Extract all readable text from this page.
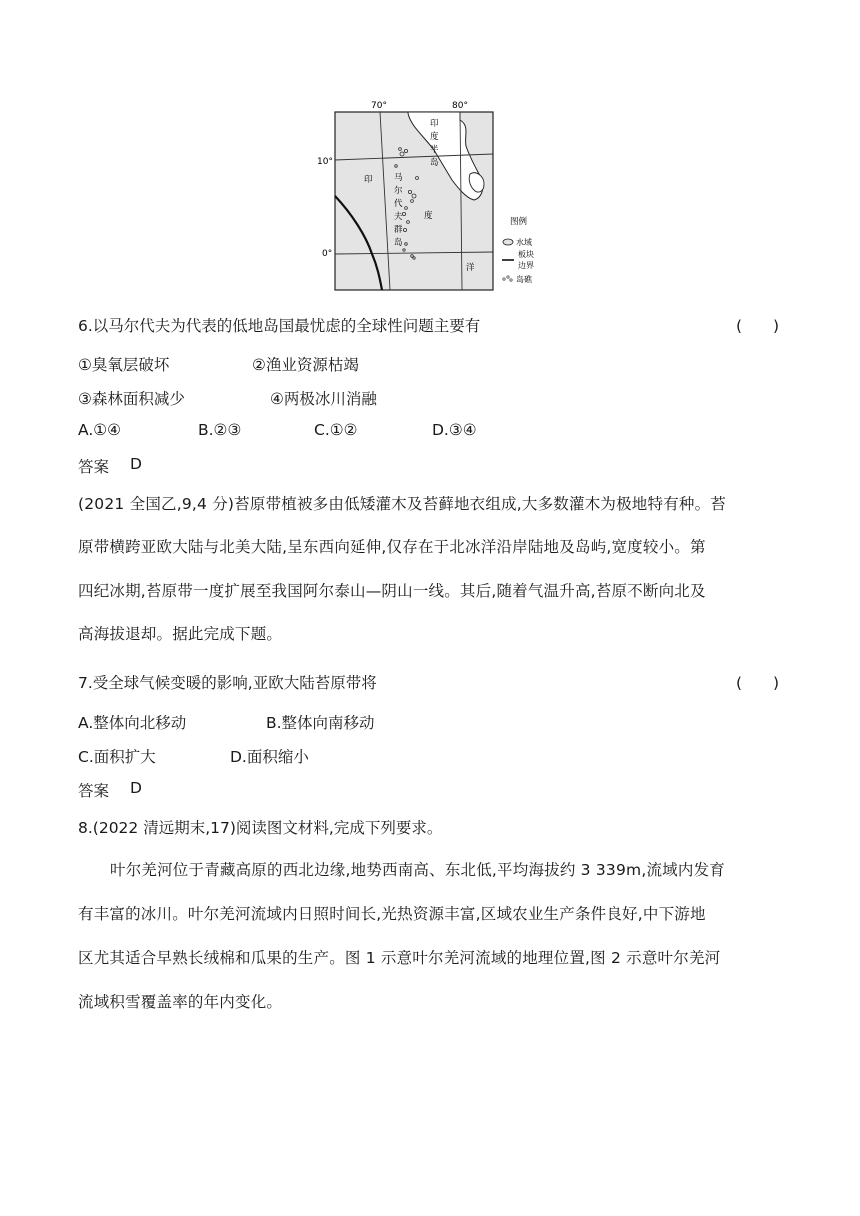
70°	80°
10°
0°
印
度
半
岛
马
尔
代
夫
群
岛
印
度
洋
图例
水域
板块
边界
岛礁
6.以马尔代夫为代表的低地岛国最忧虑的全球性问题主要有	(　　)
①臭氧层破坏	②渔业资源枯竭
③森林面积减少	④两极冰川消融
A.①④	B.②③	C.①②	D.③④
答案 D
(2021 全国乙,9,4 分)苔原带植被多由低矮灌木及苔藓地衣组成,大多数灌木为极地特有种。苔
原带横跨亚欧大陆与北美大陆,呈东西向延伸,仅存在于北冰洋沿岸陆地及岛屿,宽度较小。第
四纪冰期,苔原带一度扩展至我国阿尔泰山—阴山一线。其后,随着气温升高,苔原不断向北及
高海拔退却。据此完成下题。
7.受全球气候变暖的影响,亚欧大陆苔原带将	(　　)
A.整体向北移动	B.整体向南移动
C.面积扩大	D.面积缩小
答案 D
8.(2022 清远期末,17)阅读图文材料,完成下列要求。
叶尔羌河位于青藏高原的西北边缘,地势西南高、东北低,平均海拔约 3 339m,流域内发育
有丰富的冰川。叶尔羌河流域内日照时间长,光热资源丰富,区域农业生产条件良好,中下游地
区尤其适合早熟长绒棉和瓜果的生产。图 1 示意叶尔羌河流域的地理位置,图 2 示意叶尔羌河
流域积雪覆盖率的年内变化。
